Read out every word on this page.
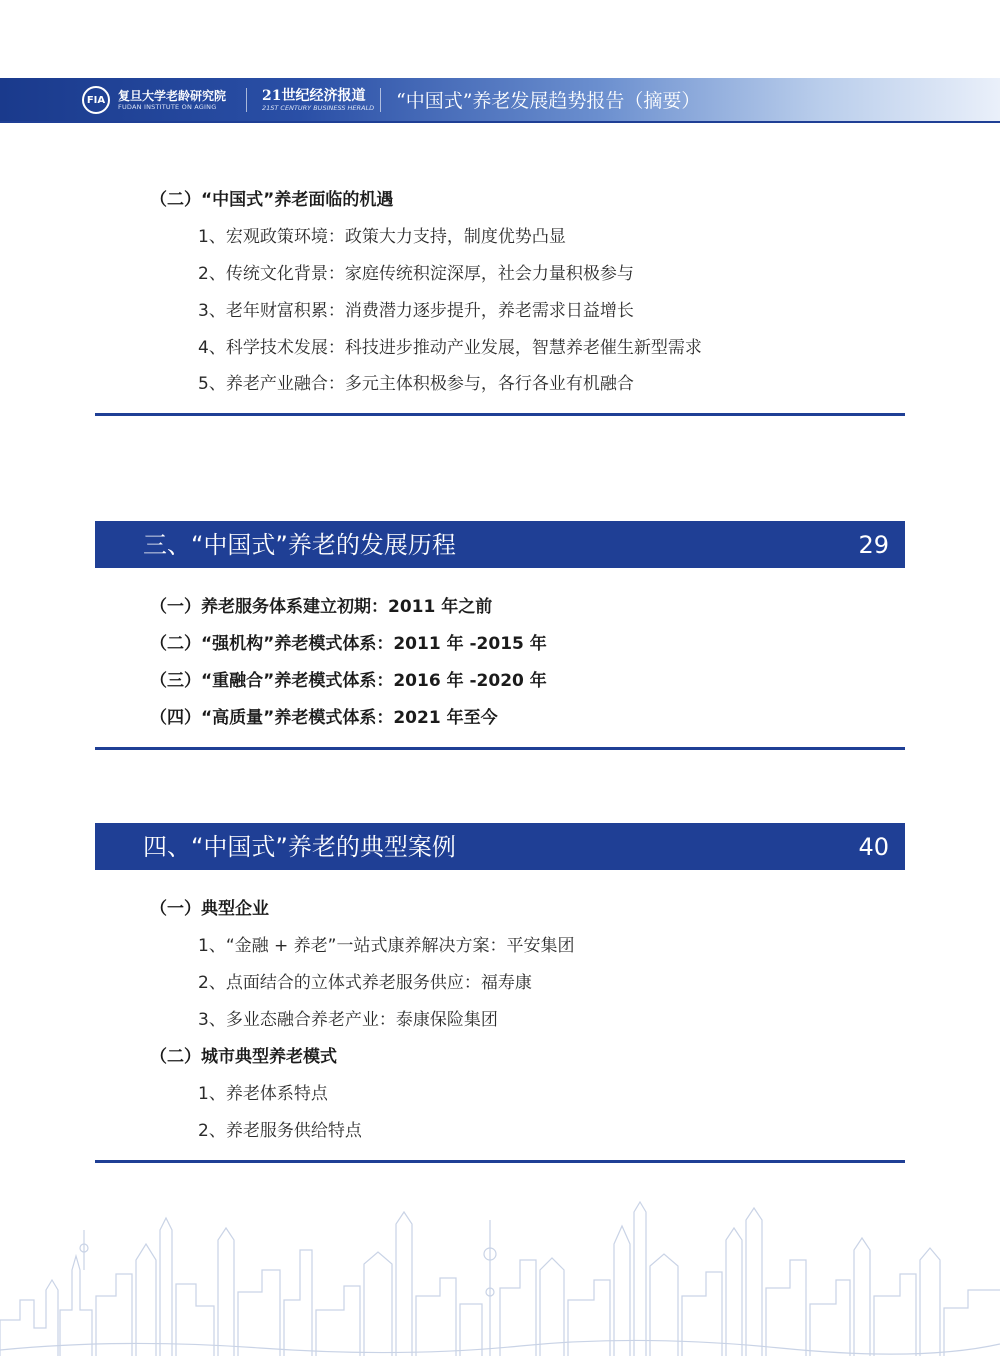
FIA	复旦大学老龄研究院
FUDAN INSTITUTE ON AGING
21世纪经济报道
21ST CENTURY BUSINESS HERALD “中国式”养老发展趋势报告（摘要）
（二）“中国式”养老面临的机遇
1、宏观政策环境：政策大力支持，制度优势凸显
2、传统文化背景：家庭传统积淀深厚，社会力量积极参与
3、老年财富积累：消费潜力逐步提升，养老需求日益增长
4、科学技术发展：科技进步推动产业发展，智慧养老催生新型需求
5、养老产业融合：多元主体积极参与，各行各业有机融合
三、“中国式”养老的发展历程	29
（一）养老服务体系建立初期：2011 年之前
（二）“强机构”养老模式体系：2011 年 -2015 年
（三）“重融合”养老模式体系：2016 年 -2020 年
（四）“高质量”养老模式体系：2021 年至今
四、“中国式”养老的典型案例	40
（一）典型企业
1、“金融 + 养老”一站式康养解决方案：平安集团
2、点面结合的立体式养老服务供应：福寿康
3、多业态融合养老产业：泰康保险集团
（二）城市典型养老模式
1、养老体系特点
2、养老服务供给特点
